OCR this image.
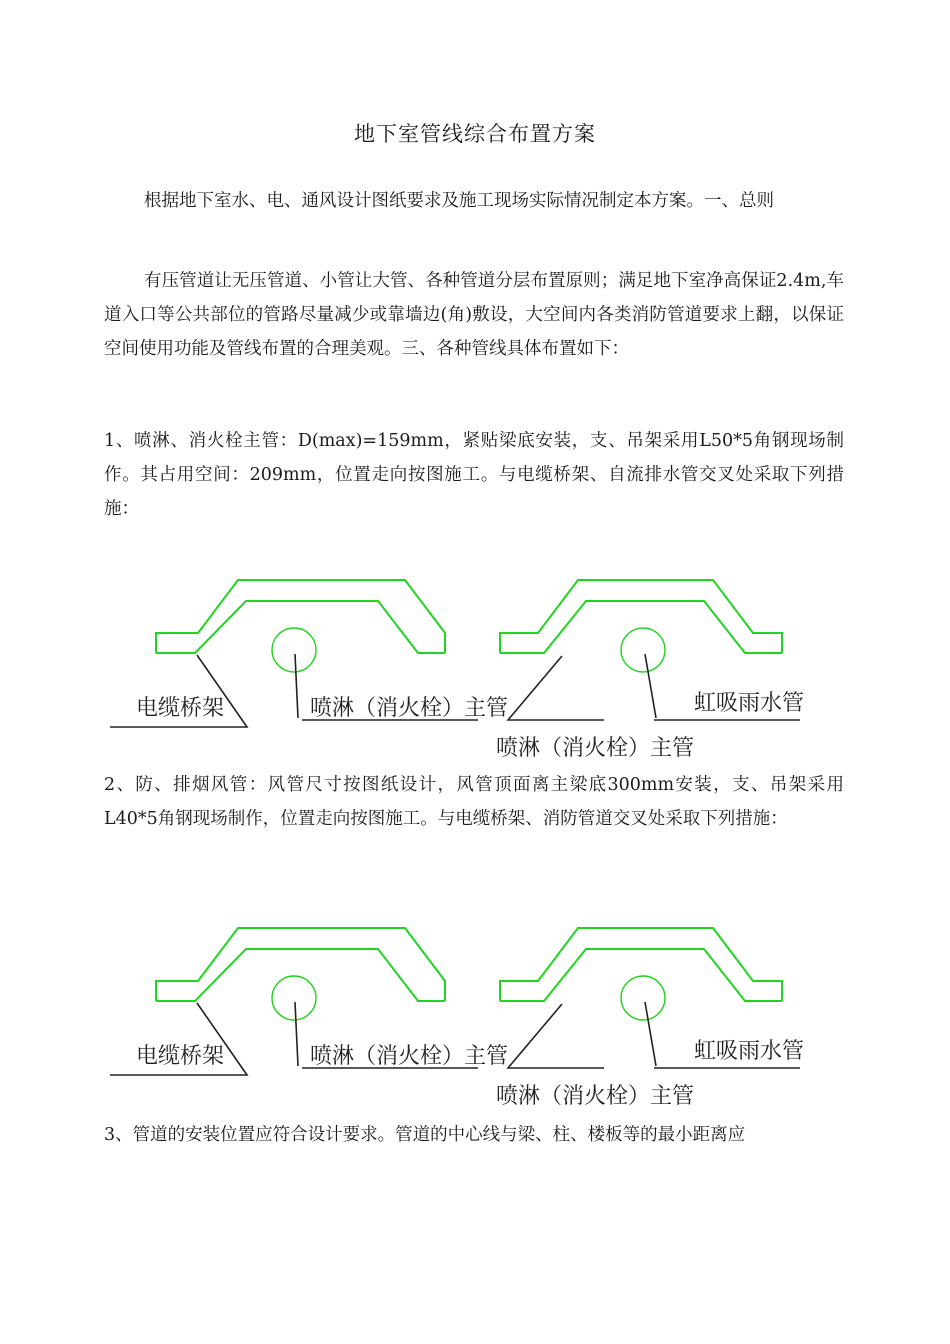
地下室管线综合布置方案

根据地下室水、电、通风设计图纸要求及施工现场实际情况制定本方案。一、总则

有压管道让无压管道、小管让大管、各种管道分层布置原则；满足地下室净高保证2.4m,车道入口等公共部位的管路尽量减少或靠墙边(角)敷设，大空间内各类消防管道要求上翻，以保证空间使用功能及管线布置的合理美观。三、各种管线具体布置如下：

1、喷淋、消火栓主管：D(max)=159mm，紧贴梁底安装，支、吊架采用L50*5角钢现场制作。其占用空间：209mm，位置走向按图施工。与电缆桥架、自流排水管交叉处采取下列措施：

电缆桥架	喷淋（消火栓）主管	虹吸雨水管
喷淋（消火栓）主管

2、防、排烟风管：风管尺寸按图纸设计，风管顶面离主梁底300mm安装，支、吊架采用L40*5角钢现场制作，位置走向按图施工。与电缆桥架、消防管道交叉处采取下列措施：

电缆桥架	喷淋（消火栓）主管	虹吸雨水管
喷淋（消火栓）主管

3、管道的安装位置应符合设计要求。管道的中心线与梁、柱、楼板等的最小距离应
